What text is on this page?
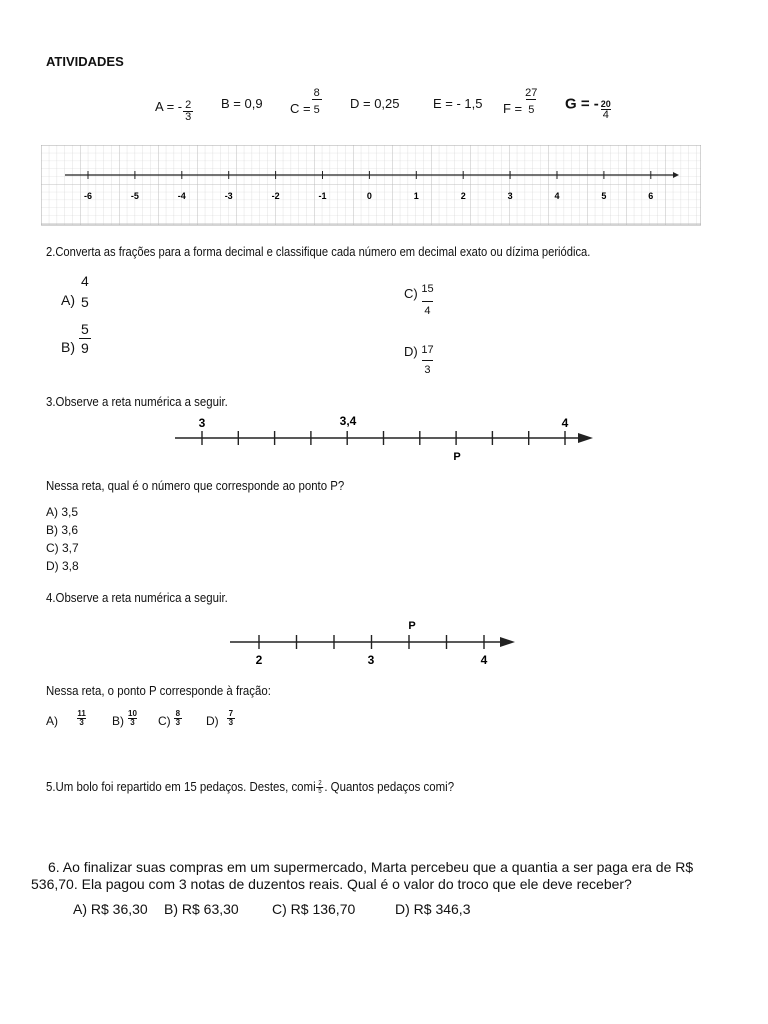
ATIVIDADES
A = - $\frac{2}{3}$ B = 0,9 $C = \frac{8}{5}$ D = 0,25	E = - 1,5 $F = \frac{27}{5}$ G = - $\frac{20}{4}$
-6	-5	-4	-3	-2	-1	0	1	2	3	4	5	6
2.Converta as frações para a forma decimal e classifique cada número em decimal exato ou dízima periódica.
A)
4
5
$B) \frac{5}{9}$
$C) \frac{15}{4}$
$D) \frac{17}{3}$
3.Observe a reta numérica a seguir.
3	3,4	4
P
Nessa reta, qual é o número que corresponde ao ponto P?
A) 3,5
B) 3,6
C) 3,7
D) 3,8
4.Observe a reta numérica a seguir.
2	3	4
P
Nessa reta, o ponto P corresponde à fração:
$A) \frac{11}{3} B) \frac{10}{3} C) \frac{8}{3} D) \frac{7}{3}$
5.Um bolo foi repartido em 15 pedaços. Destes, comi $\frac{2}{5}$ . Quantos pedaços comi?
6. Ao finalizar suas compras em um supermercado, Marta percebeu que a quantia a ser paga era de R$
536,70. Ela pagou com 3 notas de duzentos reais. Qual é o valor do troco que ele deve receber?
A) R$ 36,30 B) R$ 63,30 C) R$ 136,70	D) R$ 346,3
